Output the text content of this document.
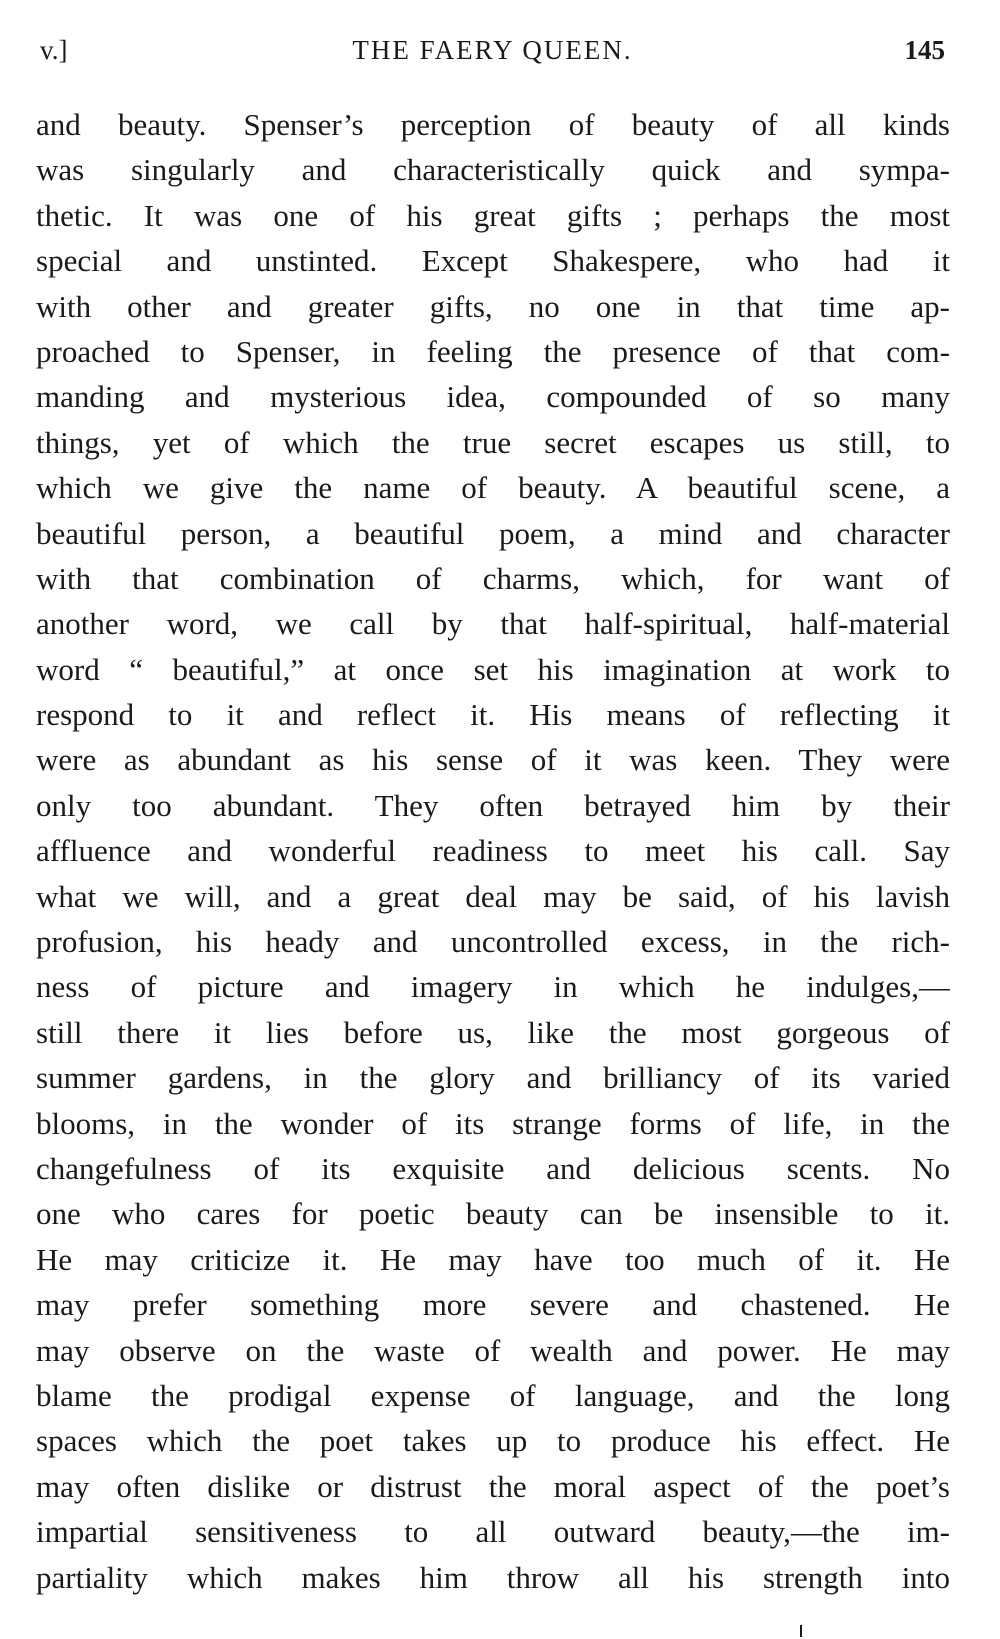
THE FAERY QUEEN.
v.]	145
and beauty. Spenser’s perception of beauty of all kinds
was singularly and characteristically quick and sympa-
thetic. It was one of his great gifts ; perhaps the most
special and unstinted. Except Shakespere, who had it
with other and greater gifts, no one in that time ap-
proached to Spenser, in feeling the presence of that com-
manding and mysterious idea, compounded of so many
things, yet of which the true secret escapes us still, to
which we give the name of beauty. A beautiful scene, a
beautiful person, a beautiful poem, a mind and character
with that combination of charms, which, for want of
another word, we call by that half-spiritual, half-material
word “ beautiful,” at once set his imagination at work to
respond to it and reflect it. His means of reflecting it
were as abundant as his sense of it was keen. They were
only too abundant. They often betrayed him by their
affluence and wonderful readiness to meet his call. Say
what we will, and a great deal may be said, of his lavish
profusion, his heady and uncontrolled excess, in the rich-
ness of picture and imagery in which he indulges,—
still there it lies before us, like the most gorgeous of
summer gardens, in the glory and brilliancy of its varied
blooms, in the wonder of its strange forms of life, in the
changefulness of its exquisite and delicious scents. No
one who cares for poetic beauty can be insensible to it.
He may criticize it. He may have too much of it. He
may prefer something more severe and chastened. He
may observe on the waste of wealth and power. He may
blame the prodigal expense of language, and the long
spaces which the poet takes up to produce his effect. He
may often dislike or distrust the moral aspect of the poet’s
impartial sensitiveness to all outward beauty,—the im-
partiality which makes him throw all his strength into
